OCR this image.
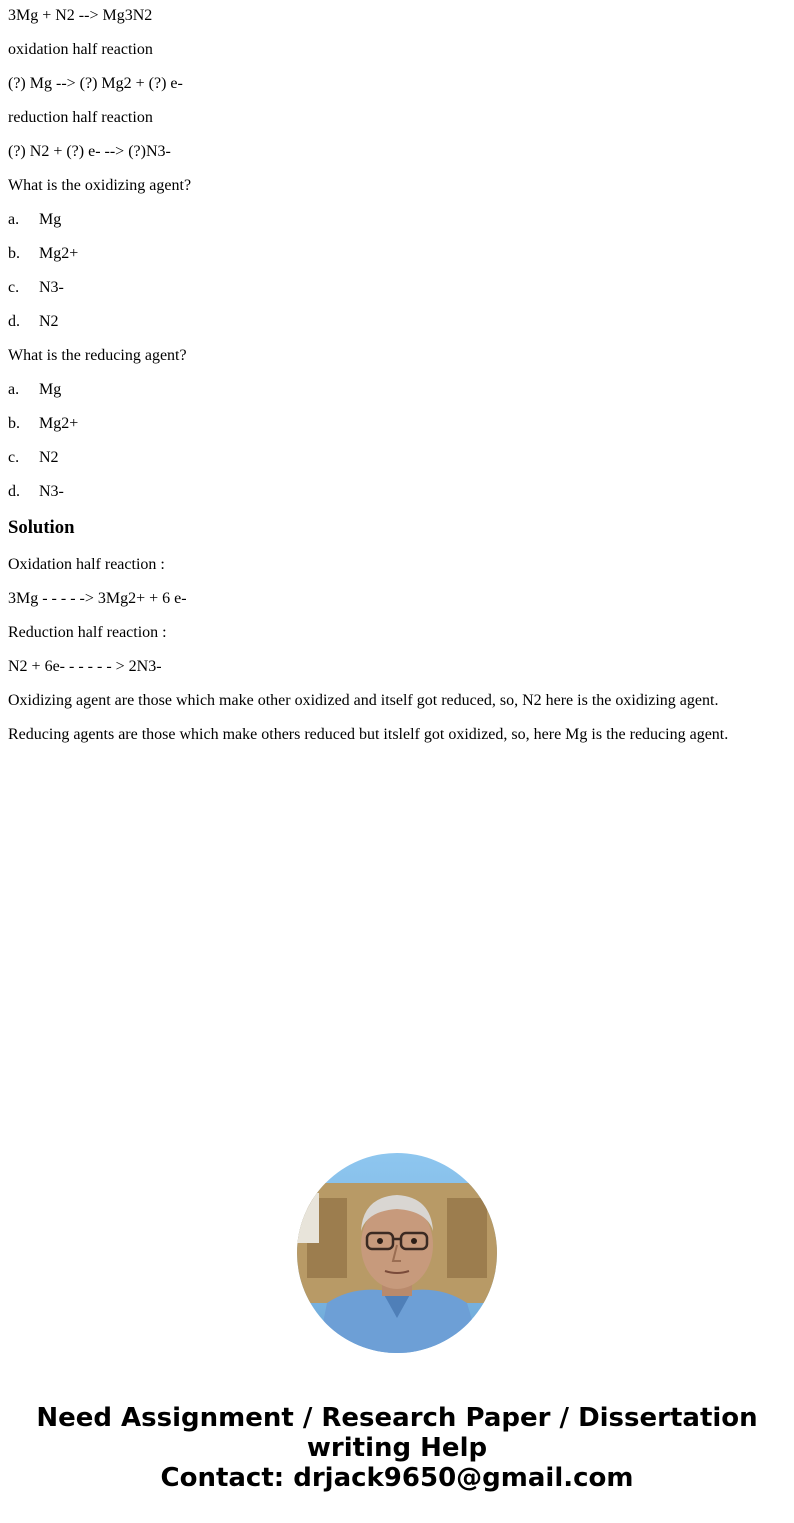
3Mg + N2 --> Mg3N2
oxidation half reaction
(?) Mg --> (?) Mg2 + (?) e-
reduction half reaction
(?) N2 + (?) e- --> (?)N3-
What is the oxidizing agent?
a. Mg
b. Mg2+
c. N3-
d. N2
What is the reducing agent?
a. Mg
b. Mg2+
c. N2
d. N3-
Solution
Oxidation half reaction :
3Mg - - - - -> 3Mg2+ + 6 e-
Reduction half reaction :
N2 + 6e- - - - - - > 2N3-
Oxidizing agent are those which make other oxidized and itself got reduced, so, N2 here is the oxidizing agent.
Reducing agents are those which make others reduced but itslelf got oxidized, so, here Mg is the reducing agent.
Need Assignment / Research Paper / Dissertation
writing Help
Contact: drjack9650@gmail.com
